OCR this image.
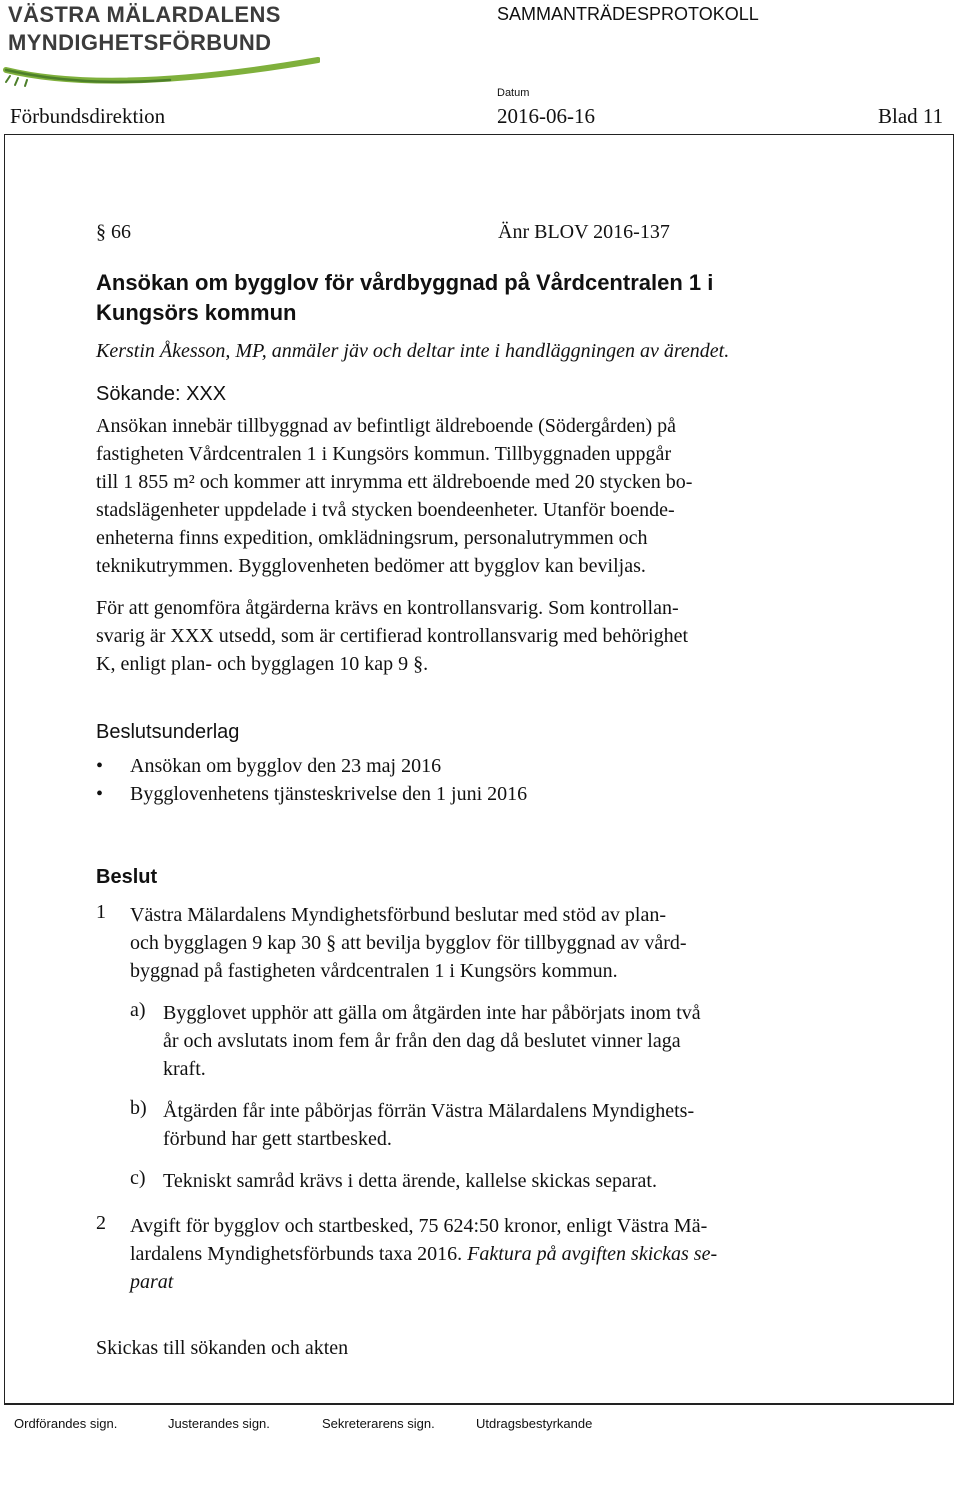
VÄSTRA MÄLARDALENS
MYNDIGHETSFÖRBUND
SAMMANTRÄDESPROTOKOLL
Datum
Förbundsdirektion	2016-06-16	Blad 11
§ 66	Änr BLOV 2016-137
Ansökan om bygglov för vårdbyggnad på Vårdcentralen 1 i
Kungsörs kommun
Kerstin Åkesson, MP, anmäler jäv och deltar inte i handläggningen av ärendet.
Sökande: XXX
Ansökan innebär tillbyggnad av befintligt äldreboende (Södergården) på
fastigheten Vårdcentralen 1 i Kungsörs kommun. Tillbyggnaden uppgår
till 1 855 m² och kommer att inrymma ett äldreboende med 20 stycken bo-
stadslägenheter uppdelade i två stycken boendeenheter. Utanför boende-
enheterna finns expedition, omklädningsrum, personalutrymmen och
teknikutrymmen. Bygglovenheten bedömer att bygglov kan beviljas.
För att genomföra åtgärderna krävs en kontrollansvarig. Som kontrollan-
svarig är XXX utsedd, som är certifierad kontrollansvarig med behörighet
K, enligt plan- och bygglagen 10 kap 9 §.
Beslutsunderlag
• Ansökan om bygglov den 23 maj 2016
• Bygglovenhetens tjänsteskrivelse den 1 juni 2016
Beslut
1 Västra Mälardalens Myndighetsförbund beslutar med stöd av plan-
och bygglagen 9 kap 30 § att bevilja bygglov för tillbyggnad av vård-
byggnad på fastigheten vårdcentralen 1 i Kungsörs kommun.
a) Bygglovet upphör att gälla om åtgärden inte har påbörjats inom två
år och avslutats inom fem år från den dag då beslutet vinner laga
kraft.
b) Åtgärden får inte påbörjas förrän Västra Mälardalens Myndighets-
förbund har gett startbesked.
c) Tekniskt samråd krävs i detta ärende, kallelse skickas separat.
2 Avgift för bygglov och startbesked, 75 624:50 kronor, enligt Västra Mä-
lardalens Myndighetsförbunds taxa 2016. Faktura på avgiften skickas se-
parat
Skickas till sökanden och akten
Ordförandes sign.	Justerandes sign.	Sekreterarens sign.	Utdragsbestyrkande
